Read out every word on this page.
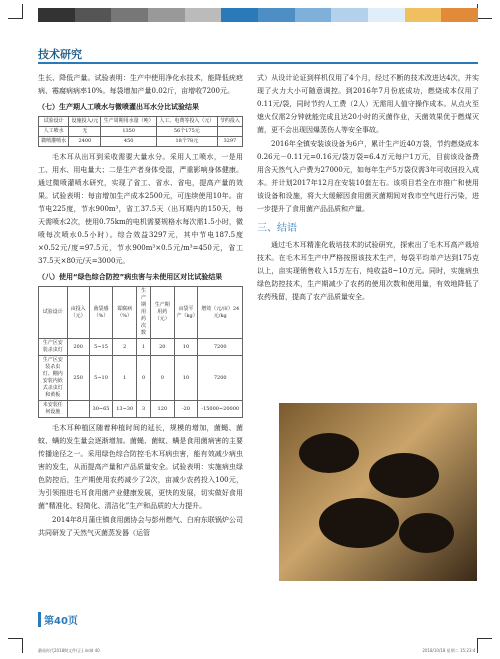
技术研究

生长、降低产量。试验表明：生产中使用净化水技术，能降低疣疤病、霉腐病病率10%。每袋增加产量0.02斤，亩增收7200元。

（七）生产期人工喷水与微喷灌出耳水分比试验结果
试验设计	设施投入/元	生产周期用水量（吨）	人工、电费等投入（元）	节约投入
人工喷水	无	1350	56个175元	
微喷灌喷水	2400	450	18个78元	3297

毛木耳从出耳到采收需要大量水分。采用人工喷水，一是用工、用水、用电量大；二是生产者身体受湿，严重影响身体健康。通过微喷灌喷水研究，实现了省工、省水、省电，提高产量的效果。试验表明：每亩增加生产成本2500元，可连续使用10年。亩节电225度，节水900m³，省工37.5天（出耳期内的150天，每天需喷水2次，使用0.75km的电机需要规格水每次需1.5小时，微喷每次喷水0.5小时）。综合效益3297元，其中节电187.5度×0.52元/度=97.5元，节水900m³×0.5元/m³=450元，省工37.5天×80元/天=3000元。

（八）使用“绿色综合防控”病虫害与未使用区对比试验结果
试验设计	亩投入（元）	菌袋感（%）	霉腐病（%）	生产期用药次数	生产期用药（元）	亩袋平产（kg）	增效（元/亩）24元/kg
生产区安装杀虫灯	200	5~15	2	1	20	10	7200
生产区安装杀虫灯、棚内安装内嵌式杀虫灯和黄板	250	5~10	1	0	0	10	7200
未安装任何设施		30~65	13~30	3	120	-20	-15000~20000

毛木耳种植区随着种植时间的延长，规模的增加，菌蝇、菌蚊、螨的发生量会逐渐增加。菌蝇、菌蚊、螨是食用菌病害的主要传播途径之一。采用绿色综合防控毛木耳病虫害，能有效减少病虫害的发生，从而提高产量和产品质量安全。试验表明：实施病虫绿色防控后，生产期使用农药减少了2次，亩减少农药投入100元，为引领推进毛耳食用菌产业健康发展，更快的发展，切实做好食用菌“精准化、轻简化、清洁化”生产和品质的大力提升。

2014年8月蒲庄镇食用菌协会与彭州燃气、白府东联锅炉公司共同研发了天然气灭菌蒸发器（运管

式）从设计论证到样机仅用了4个月，经过不断的技术改进达4次，并实现了火力大小可随意调控。到2016年7月份底成功，燃烧成本仅用了0.11元/袋，同时节约人工费（2人）无需用人值守操作成本。从点火至熄火仅需2分钟就能完成且达20小时的灭菌作业，天菌效果优于燃煤灭菌，更不会出现因爆蒸伤人等安全事故。

2016年全镇安装该设备为6户，累计生产近40万袋，节约燃烧成本0.26元－0.11元=0.16元/袋万袋=6.4万元每户1万元，目前该设备费用含天然气入户费为27000元，如每年生产5万袋仅需3年可收回投入成本。并计划2017年12月在安装10套左右。该项目若全在市推广和使用该设备和设施，将大大缓解因食用菌灭菌期间对我市空气进行污染，进一步提升了食用菌产品品质和产量。

三、结语

通过毛木耳精准化栽培技术的试验研究，探索出了毛木耳高产栽培技术。在毛木耳生产中严格按照该技术生产，每袋平均单产达到175克以上，亩实现销售收入15万左右，纯收益8~10万元。同时，实施病虫绿色防控技术，生产期减少了农药的使用次数和使用量，有效地降低了农药残留，提高了农产品质量安全。

第40页
蘑菇时代2018期文件(正).indd 40	2018/10/18 星期二 15:23:4 |
